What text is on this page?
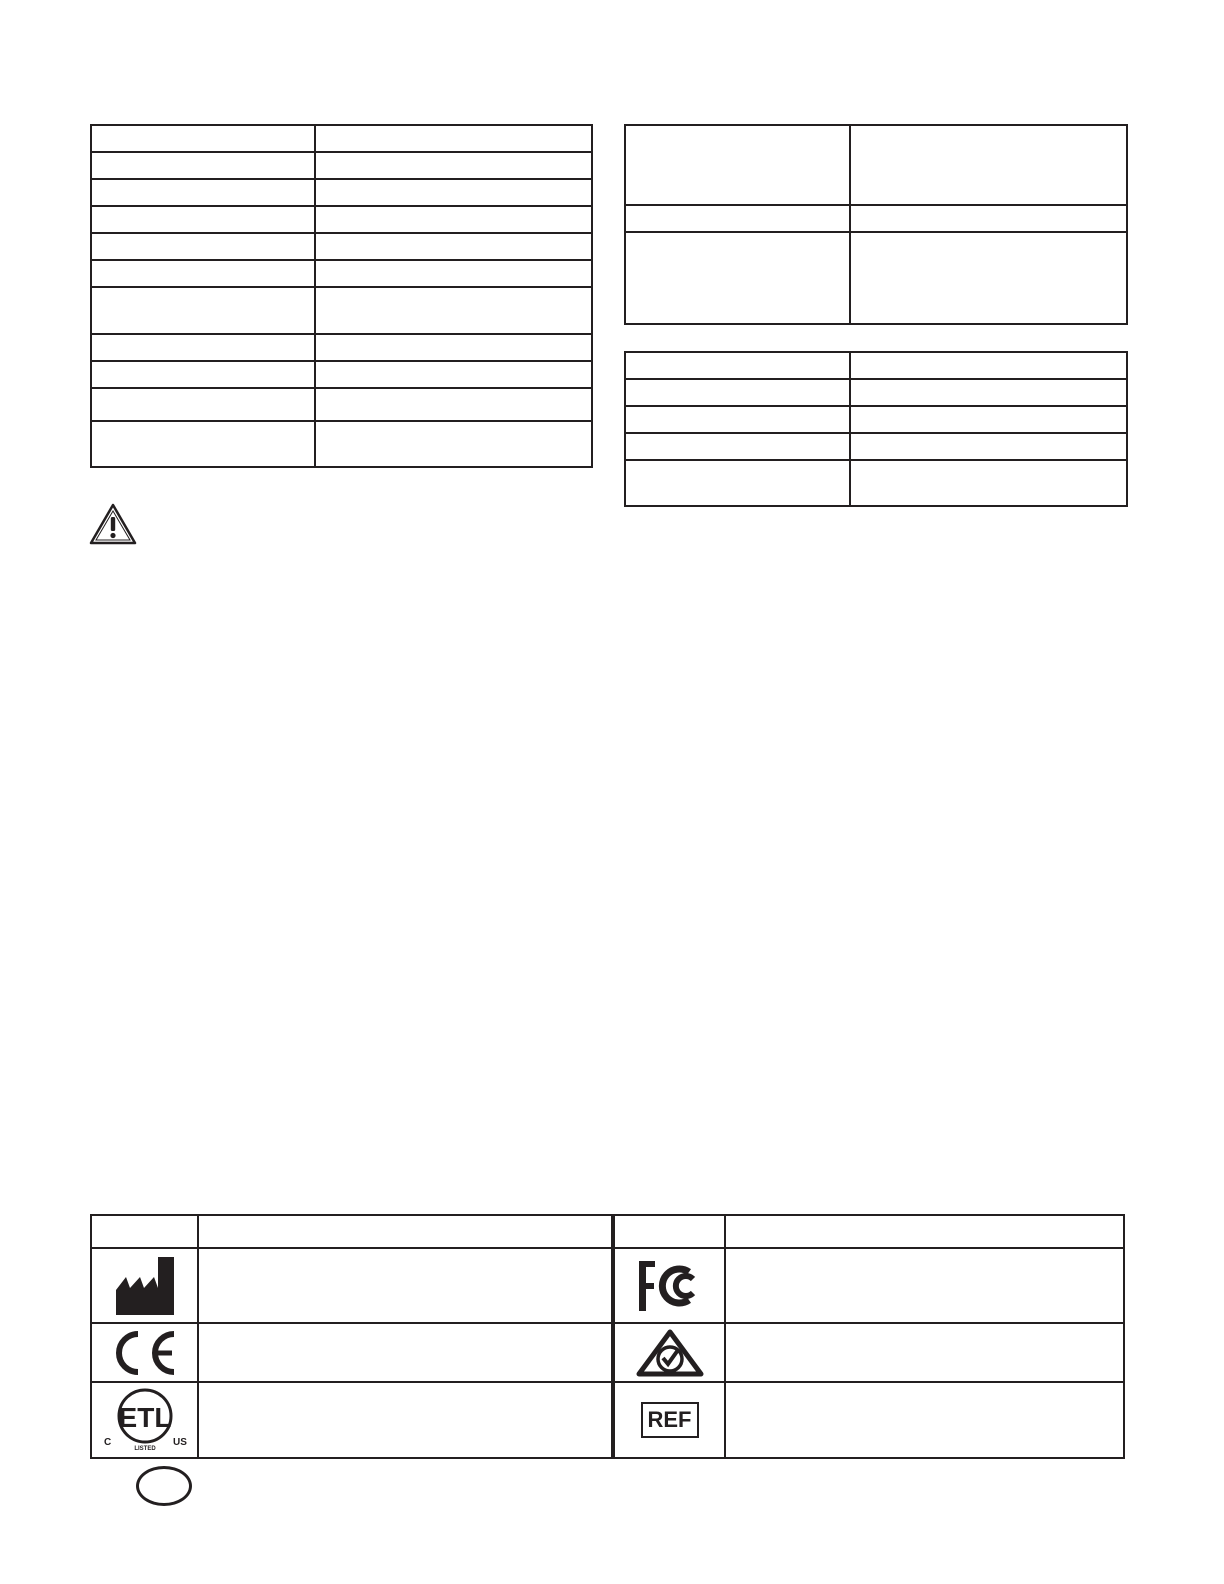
ETL
C US
LISTED		REF	
